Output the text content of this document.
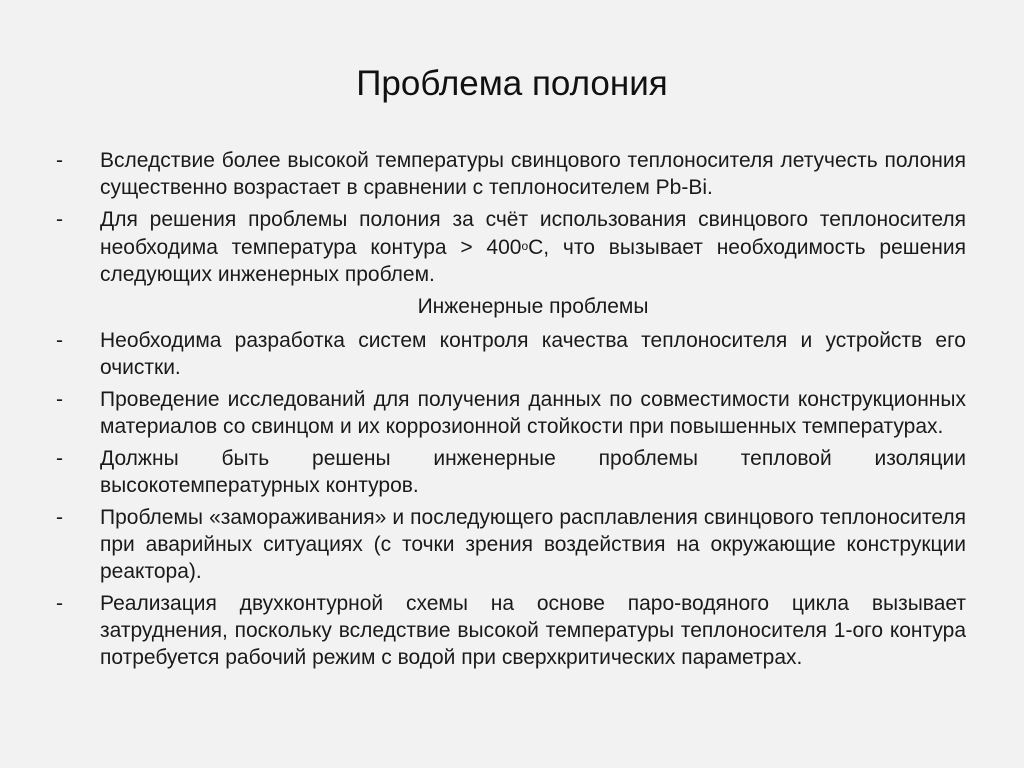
Проблема полония
- Вследствие более высокой температуры свинцового теплоносителя летучесть полония существенно возрастает в сравнении с теплоносителем Pb-Bi.
- Для решения проблемы полония за счёт использования свинцового теплоносителя необходима температура контура > $400^oС$, что вызывает необходимость решения следующих инженерных проблем.
Инженерные проблемы
- Необходима разработка систем контроля качества теплоносителя и устройств его очистки.
- Проведение исследований для получения данных по совместимости конструкционных материалов со свинцом и их коррозионной стойкости при повышенных температурах.
- Должны быть решены инженерные проблемы тепловой изоляции высокотемпературных контуров.
- Проблемы «замораживания» и последующего расплавления свинцового теплоносителя при аварийных ситуациях (с точки зрения воздействия на окружающие конструкции реактора).
- Реализация двухконтурной схемы на основе паро-водяного цикла вызывает затруднения, поскольку вследствие высокой температуры теплоносителя 1-ого контура потребуется рабочий режим с водой при сверхкритических параметрах.
